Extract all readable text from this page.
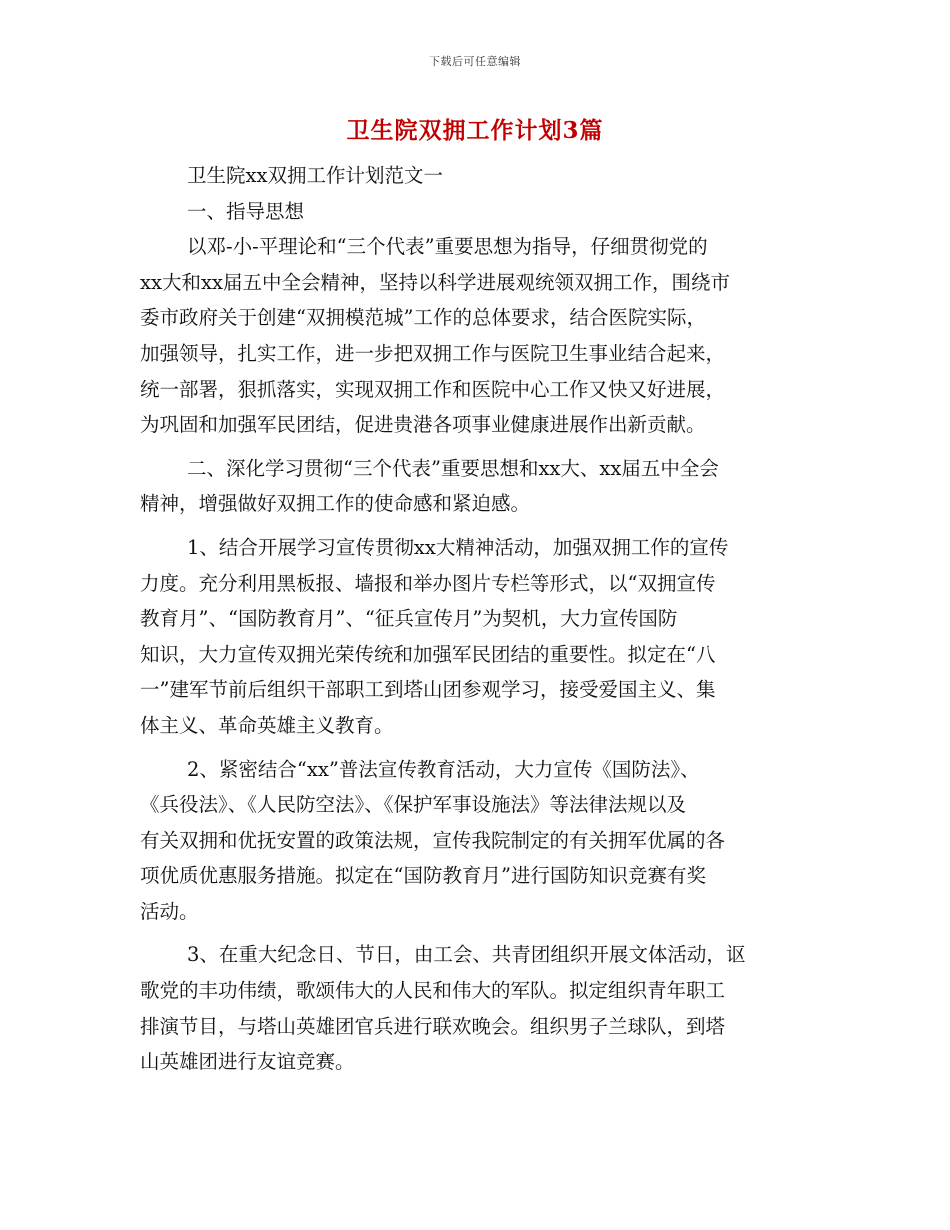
下载后可任意编辑
卫生院双拥工作计划3篇
卫生院xx双拥工作计划范文一
一、指导思想
以邓-小-平理论和“三个代表”重要思想为指导，仔细贯彻党的
xx大和xx届五中全会精神，坚持以科学进展观统领双拥工作，围绕市
委市政府关于创建“双拥模范城”工作的总体要求，结合医院实际，
加强领导，扎实工作，进一步把双拥工作与医院卫生事业结合起来，
统一部署，狠抓落实，实现双拥工作和医院中心工作又快又好进展，
为巩固和加强军民团结，促进贵港各项事业健康进展作出新贡献。
二、深化学习贯彻“三个代表”重要思想和xx大、xx届五中全会
精神，增强做好双拥工作的使命感和紧迫感。
1、结合开展学习宣传贯彻xx大精神活动，加强双拥工作的宣传
力度。充分利用黑板报、墙报和举办图片专栏等形式，以“双拥宣传
教育月”、“国防教育月”、“征兵宣传月”为契机，大力宣传国防
知识，大力宣传双拥光荣传统和加强军民团结的重要性。拟定在“八
一”建军节前后组织干部职工到塔山团参观学习，接受爱国主义、集
体主义、革命英雄主义教育。
2、紧密结合“xx”普法宣传教育活动，大力宣传《国防法》、
《兵役法》、《人民防空法》、《保护军事设施法》等法律法规以及
有关双拥和优抚安置的政策法规，宣传我院制定的有关拥军优属的各
项优质优惠服务措施。拟定在“国防教育月”进行国防知识竞赛有奖
活动。
3、在重大纪念日、节日，由工会、共青团组织开展文体活动，讴
歌党的丰功伟绩，歌颂伟大的人民和伟大的军队。拟定组织青年职工
排演节目，与塔山英雄团官兵进行联欢晚会。组织男子兰球队，到塔
山英雄团进行友谊竞赛。
